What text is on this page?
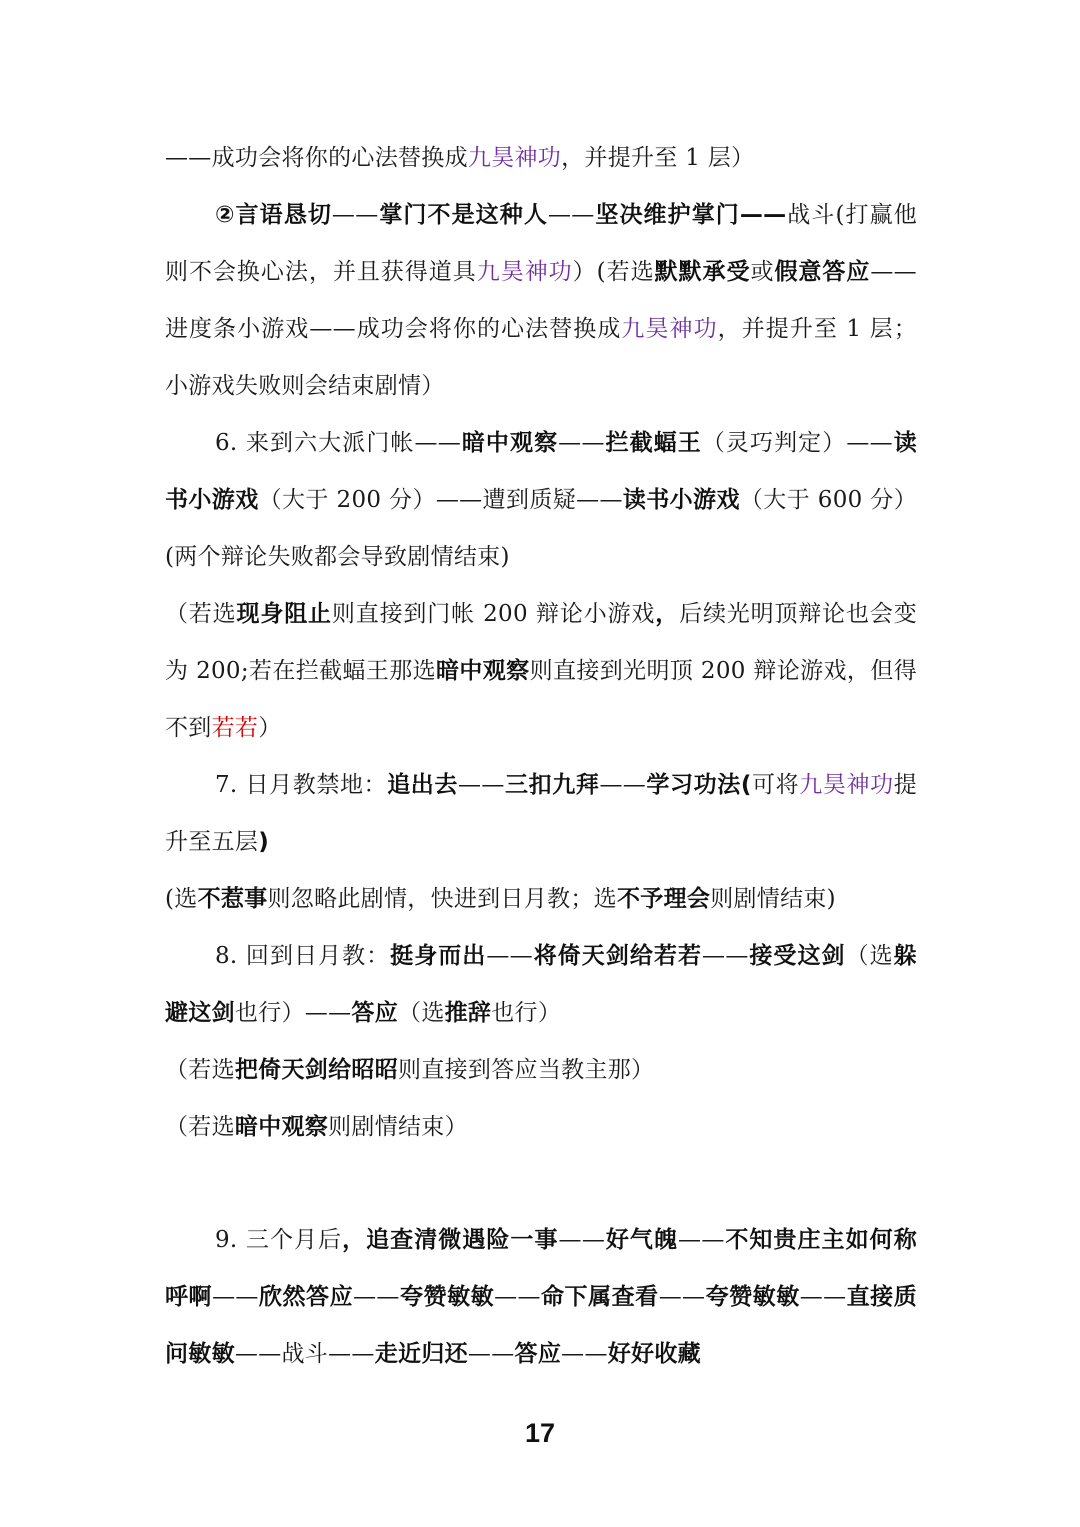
——成功会将你的心法替换成九昊神功，并提升至 1 层）

②言语恳切——掌门不是这种人——坚决维护掌门——战斗(打赢他则不会换心法，并且获得道具九昊神功）(若选默默承受或假意答应——进度条小游戏——成功会将你的心法替换成九昊神功，并提升至 1 层；小游戏失败则会结束剧情）

6. 来到六大派门帐——暗中观察——拦截蝠王（灵巧判定）——读书小游戏（大于 200 分）——遭到质疑——读书小游戏（大于 600 分）(两个辩论失败都会导致剧情结束)

（若选现身阻止则直接到门帐 200 辩论小游戏，后续光明顶辩论也会变为 200;若在拦截蝠王那选暗中观察则直接到光明顶 200 辩论游戏，但得不到若若）

7. 日月教禁地：追出去——三扣九拜——学习功法(可将九昊神功提升至五层)

(选不惹事则忽略此剧情，快进到日月教；选不予理会则剧情结束)

8. 回到日月教：挺身而出——将倚天剑给若若——接受这剑（选躲避这剑也行）——答应（选推辞也行）

（若选把倚天剑给昭昭则直接到答应当教主那）

（若选暗中观察则剧情结束）

9. 三个月后，追查清微遇险一事——好气魄——不知贵庄主如何称呼啊——欣然答应——夸赞敏敏——命下属查看——夸赞敏敏——直接质问敏敏——战斗——走近归还——答应——好好收藏

17
